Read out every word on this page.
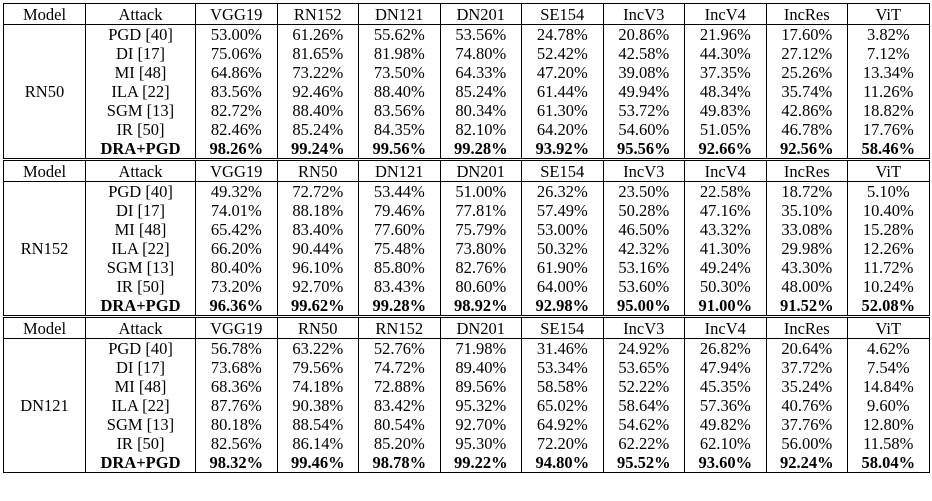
Model	Attack	VGG19	RN152	DN121	DN201	SE154	IncV3	IncV4	IncRes	ViT
RN50	PGD [40]	53.00%	61.26%	55.62%	53.56%	24.78%	20.86%	21.96%	17.60%	3.82%
	DI [17]	75.06%	81.65%	81.98%	74.80%	52.42%	42.58%	44.30%	27.12%	7.12%
	MI [48]	64.86%	73.22%	73.50%	64.33%	47.20%	39.08%	37.35%	25.26%	13.34%
	ILA [22]	83.56%	92.46%	88.40%	85.24%	61.44%	49.94%	48.34%	35.74%	11.26%
	SGM [13]	82.72%	88.40%	83.56%	80.34%	61.30%	53.72%	49.83%	42.86%	18.82%
	IR [50]	82.46%	85.24%	84.35%	82.10%	64.20%	54.60%	51.05%	46.78%	17.76%
	DRA+PGD	98.26%	99.24%	99.56%	99.28%	93.92%	95.56%	92.66%	92.56%	58.46%
Model	Attack	VGG19	RN50	DN121	DN201	SE154	IncV3	IncV4	IncRes	ViT
RN152	PGD [40]	49.32%	72.72%	53.44%	51.00%	26.32%	23.50%	22.58%	18.72%	5.10%
	DI [17]	74.01%	88.18%	79.46%	77.81%	57.49%	50.28%	47.16%	35.10%	10.40%
	MI [48]	65.42%	83.40%	77.60%	75.79%	53.00%	46.50%	43.32%	33.08%	15.28%
	ILA [22]	66.20%	90.44%	75.48%	73.80%	50.32%	42.32%	41.30%	29.98%	12.26%
	SGM [13]	80.40%	96.10%	85.80%	82.76%	61.90%	53.16%	49.24%	43.30%	11.72%
	IR [50]	73.20%	92.70%	83.43%	80.60%	64.00%	53.60%	50.30%	48.00%	10.24%
	DRA+PGD	96.36%	99.62%	99.28%	98.92%	92.98%	95.00%	91.00%	91.52%	52.08%
Model	Attack	VGG19	RN50	RN152	DN201	SE154	IncV3	IncV4	IncRes	ViT
DN121	PGD [40]	56.78%	63.22%	52.76%	71.98%	31.46%	24.92%	26.82%	20.64%	4.62%
	DI [17]	73.68%	79.56%	74.72%	89.40%	53.34%	53.65%	47.94%	37.72%	7.54%
	MI [48]	68.36%	74.18%	72.88%	89.56%	58.58%	52.22%	45.35%	35.24%	14.84%
	ILA [22]	87.76%	90.38%	83.42%	95.32%	65.02%	58.64%	57.36%	40.76%	9.60%
	SGM [13]	80.18%	88.54%	80.54%	92.70%	64.92%	54.62%	49.82%	37.76%	12.80%
	IR [50]	82.56%	86.14%	85.20%	95.30%	72.20%	62.22%	62.10%	56.00%	11.58%
	DRA+PGD	98.32%	99.46%	98.78%	99.22%	94.80%	95.52%	93.60%	92.24%	58.04%
